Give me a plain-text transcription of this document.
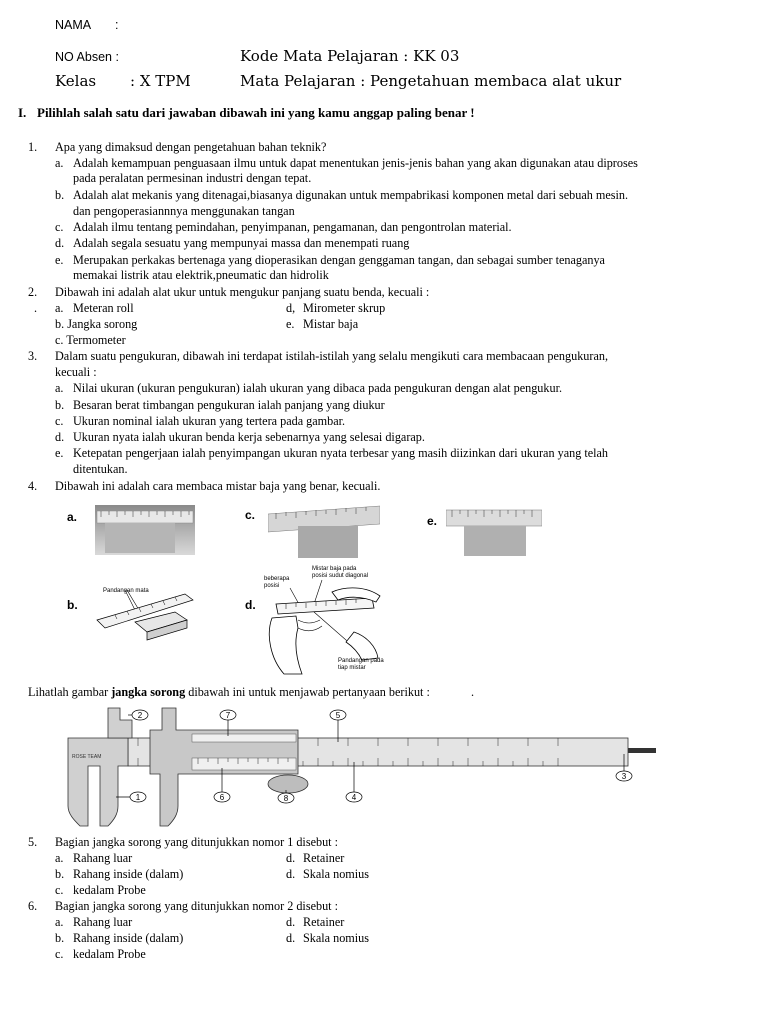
NAMA :
NO Absen :	Kode Mata Pelajaran : KK 03
Kelas : X TPM	Mata Pelajaran : Pengetahuan membaca alat ukur
I. Pilihlah salah satu dari jawaban dibawah ini yang kamu anggap paling benar !
1. Apa yang dimaksud dengan pengetahuan bahan teknik?
a. Adalah kemampuan penguasaan ilmu untuk dapat menentukan jenis-jenis bahan yang akan digunakan atau diproses
pada peralatan permesinan industri dengan tepat.
b. Adalah alat mekanis yang ditenagai,biasanya digunakan untuk mempabrikasi komponen metal dari sebuah mesin.
dan pengoperasiannnya menggunakan tangan
c. Adalah ilmu tentang pemindahan, penyimpanan, pengamanan, dan pengontrolan material.
d. Adalah segala sesuatu yang mempunyai massa dan menempati ruang
e. Merupakan perkakas bertenaga yang dioperasikan dengan genggaman tangan, dan sebagai sumber tenaganya
memakai listrik atau elektrik,pneumatic dan hidrolik
2. Dibawah ini adalah alat ukur untuk mengukur panjang suatu benda, kecuali :
. a. Meteran roll	d, Mirometer skrup
b. Jangka sorong	e. Mistar baja
c. Termometer
3. Dalam suatu pengukuran, dibawah ini terdapat istilah-istilah yang selalu mengikuti cara membacaan pengukuran,
kecuali :
a. Nilai ukuran (ukuran pengukuran) ialah ukuran yang dibaca pada pengukuran dengan alat pengukur.
b. Besaran berat timbangan pengukuran ialah panjang yang diukur
c. Ukuran nominal ialah ukuran yang tertera pada gambar.
d. Ukuran nyata ialah ukuran benda kerja sebenarnya yang selesai digarap.
e. Ketepatan pengerjaan ialah penyimpangan ukuran nyata terbesar yang masih diizinkan dari ukuran yang telah
ditentukan.
4. Dibawah ini adalah cara membaca mistar baja yang benar, kecuali.
a.	c.	e.
b.
Pandangan mata
d.
Mistar baja pada
posisi sudut diagonal
beberapa
posisi
Pandangan pada
tiap mistar
Lihatlah gambar jangka sorong dibawah ini untuk menjawab pertanyaan berikut :	.
ROSE TEAM
2	7	5
3
1	6	8	4
5. Bagian jangka sorong yang ditunjukkan nomor 1 disebut :
a. Rahang luar	d. Retainer
b. Rahang inside (dalam)	d. Skala nomius
c. kedalam Probe
6. Bagian jangka sorong yang ditunjukkan nomor 2 disebut :
a. Rahang luar	d. Retainer
b. Rahang inside (dalam)	d. Skala nomius
c. kedalam Probe
